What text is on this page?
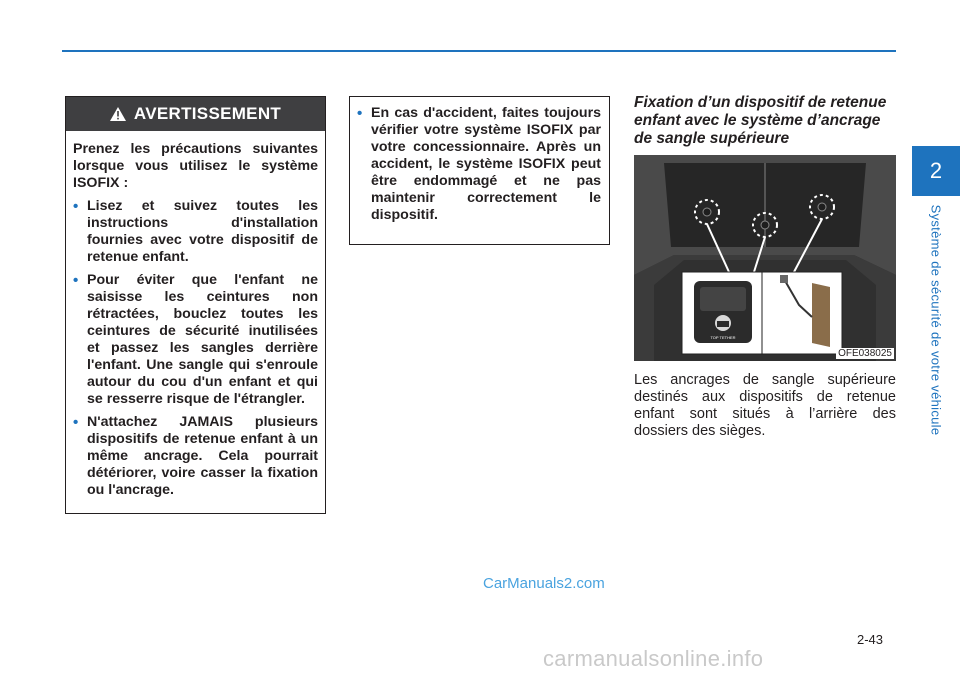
2
Système de sécurité de votre véhicule
AVERTISSEMENT

Prenez les précautions suivantes lorsque vous utilisez le système ISOFIX :

• Lisez et suivez toutes les instructions d'installation fournies avec votre dispositif de retenue enfant.
• Pour éviter que l'enfant ne saisisse les ceintures non rétractées, bouclez toutes les ceintures de sécurité inutilisées et passez les sangles derrière l'enfant. Une sangle qui s'enroule autour du cou d'un enfant et qui se resserre risque de l'étrangler.
• N'attachez JAMAIS plusieurs dispositifs de retenue enfant à un même ancrage. Cela pourrait détériorer, voire casser la fixation ou l'ancrage.
• En cas d'accident, faites toujours vérifier votre système ISOFIX par votre concessionnaire. Après un accident, le système ISOFIX peut être endommagé et ne pas maintenir correctement le dispositif.
Fixation d’un dispositif de retenue enfant avec le système d’ancrage de sangle supérieure
TOP TETHER
OFE038025
Les ancrages de sangle supérieure destinés aux dispositifs de retenue enfant sont situés à l’arrière des dossiers des sièges.
CarManuals2.com
2-43
carmanualsonline.info
